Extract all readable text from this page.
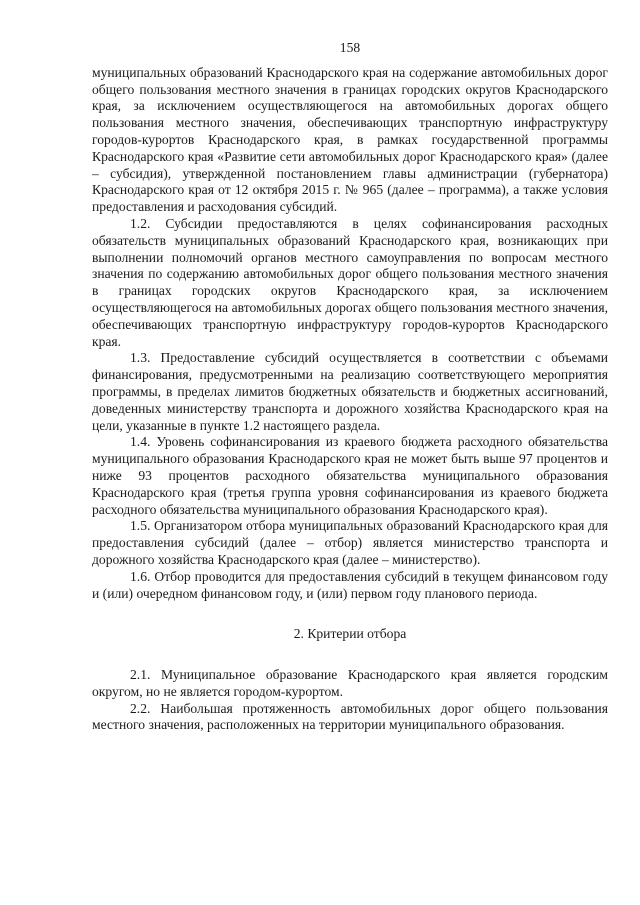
158

муниципальных образований Краснодарского края на содержание автомобильных дорог общего пользования местного значения в границах городских округов Краснодарского края, за исключением осуществляющегося на автомобильных дорогах общего пользования местного значения, обеспечивающих транспортную инфраструктуру городов-курортов Краснодарского края, в рамках государственной программы Краснодарского края «Развитие сети автомобильных дорог Краснодарского края» (далее – субсидия), утвержденной постановлением главы администрации (губернатора) Краснодарского края от 12 октября 2015 г. № 965 (далее – программа), а также условия предоставления и расходования субсидий.

1.2. Субсидии предоставляются в целях софинансирования расходных обязательств муниципальных образований Краснодарского края, возникающих при выполнении полномочий органов местного самоуправления по вопросам местного значения по содержанию автомобильных дорог общего пользования местного значения в границах городских округов Краснодарского края, за исключением осуществляющегося на автомобильных дорогах общего пользования местного значения, обеспечивающих транспортную инфраструктуру городов-курортов Краснодарского края.

1.3. Предоставление субсидий осуществляется в соответствии с объемами финансирования, предусмотренными на реализацию соответствующего мероприятия программы, в пределах лимитов бюджетных обязательств и бюджетных ассигнований, доведенных министерству транспорта и дорожного хозяйства Краснодарского края на цели, указанные в пункте 1.2 настоящего раздела.

1.4. Уровень софинансирования из краевого бюджета расходного обязательства муниципального образования Краснодарского края не может быть выше 97 процентов и ниже 93 процентов расходного обязательства муниципального образования Краснодарского края (третья группа уровня софинансирования из краевого бюджета расходного обязательства муниципального образования Краснодарского края).

1.5. Организатором отбора муниципальных образований Краснодарского края для предоставления субсидий (далее – отбор) является министерство транспорта и дорожного хозяйства Краснодарского края (далее – министерство).

1.6. Отбор проводится для предоставления субсидий в текущем финансовом году и (или) очередном финансовом году, и (или) первом году планового периода.

2. Критерии отбора

2.1. Муниципальное образование Краснодарского края является городским округом, но не является городом-курортом.

2.2. Наибольшая протяженность автомобильных дорог общего пользования местного значения, расположенных на территории муниципального образования.
